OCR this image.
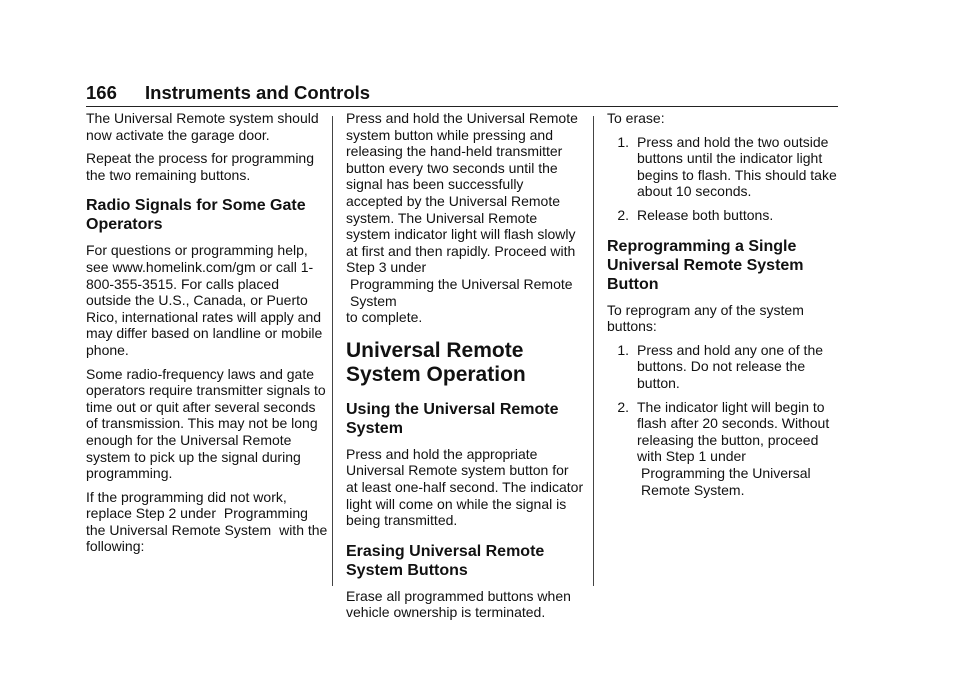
166 Instruments and Controls

The Universal Remote system should now activate the garage door.

Repeat the process for programming the two remaining buttons.

Radio Signals for Some Gate Operators

For questions or programming help, see www.homelink.com/gm or call 1-800-355-3515. For calls placed outside the U.S., Canada, or Puerto Rico, international rates will apply and may differ based on landline or mobile phone.

Some radio-frequency laws and gate operators require transmitter signals to time out or quit after several seconds of transmission. This may not be long enough for the Universal Remote system to pick up the signal during programming.

If the programming did not work, replace Step 2 under Programming the Universal Remote System with the following:

Press and hold the Universal Remote system button while pressing and releasing the hand-held transmitter button every two seconds until the signal has been successfully accepted by the Universal Remote system. The Universal Remote system indicator light will flash slowly at first and then rapidly. Proceed with Step 3 under
Programming the Universal Remote System
to complete.

Universal Remote System Operation
Using the Universal Remote System

Press and hold the appropriate Universal Remote system button for at least one-half second. The indicator light will come on while the signal is being transmitted.

Erasing Universal Remote System Buttons

Erase all programmed buttons when vehicle ownership is terminated.

To erase:

1. Press and hold the two outside buttons until the indicator light begins to flash. This should take about 10 seconds.
2. Release both buttons.
Reprogramming a Single Universal Remote System Button

To reprogram any of the system buttons:

1. Press and hold any one of the buttons. Do not release the button.
2. The indicator light will begin to flash after 20 seconds. Without releasing the button, proceed with Step 1 under
Programming the Universal Remote System.
